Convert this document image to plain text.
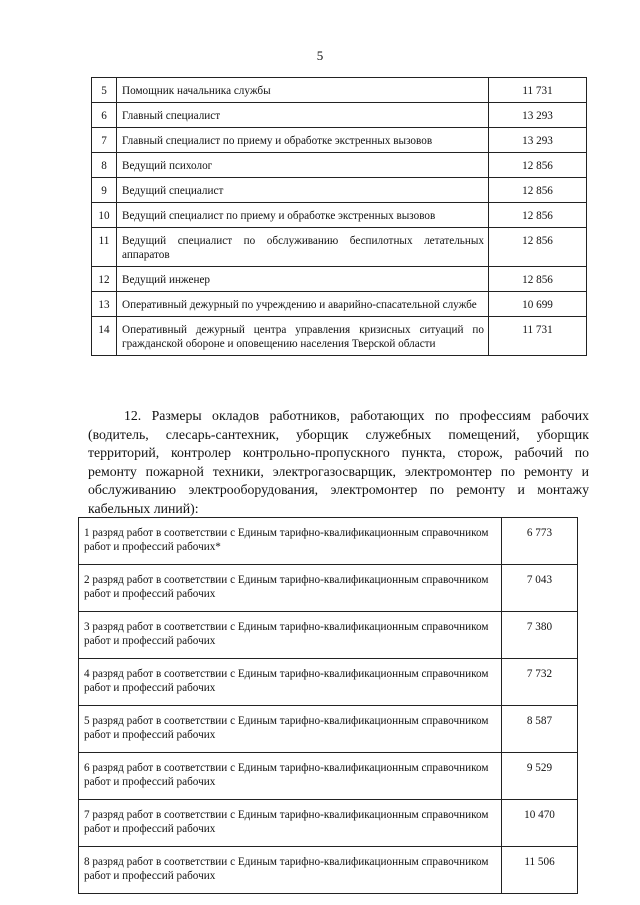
5
5	Помощник начальника службы	11 731
6	Главный специалист	13 293
7	Главный специалист по приему и обработке экстренных вызовов	13 293
8	Ведущий психолог	12 856
9	Ведущий специалист	12 856
10	Ведущий специалист по приему и обработке экстренных вызовов	12 856
11	Ведущий специалист по обслуживанию беспилотных летательных аппаратов	12 856
12	Ведущий инженер	12 856
13	Оперативный дежурный по учреждению и аварийно-спасательной службе	10 699
14	Оперативный дежурный центра управления кризисных ситуаций по гражданской обороне и оповещению населения Тверской области	11 731
12. Размеры окладов работников, работающих по профессиям рабочих (водитель, слесарь-сантехник, уборщик служебных помещений, уборщик территорий, контролер контрольно-пропускного пункта, сторож, рабочий по ремонту пожарной техники, электрогазосварщик, электромонтер по ремонту и обслуживанию электрооборудования, электромонтер по ремонту и монтажу кабельных линий):
1 разряд работ в соответствии с Единым тарифно-квалификационным справочником работ и профессий рабочих*	6 773
2 разряд работ в соответствии с Единым тарифно-квалификационным справочником работ и профессий рабочих	7 043
3 разряд работ в соответствии с Единым тарифно-квалификационным справочником работ и профессий рабочих	7 380
4 разряд работ в соответствии с Единым тарифно-квалификационным справочником работ и профессий рабочих	7 732
5 разряд работ в соответствии с Единым тарифно-квалификационным справочником работ и профессий рабочих	8 587
6 разряд работ в соответствии с Единым тарифно-квалификационным справочником работ и профессий рабочих	9 529
7 разряд работ в соответствии с Единым тарифно-квалификационным справочником работ и профессий рабочих	10 470
8 разряд работ в соответствии с Единым тарифно-квалификационным справочником работ и профессий рабочих	11 506
